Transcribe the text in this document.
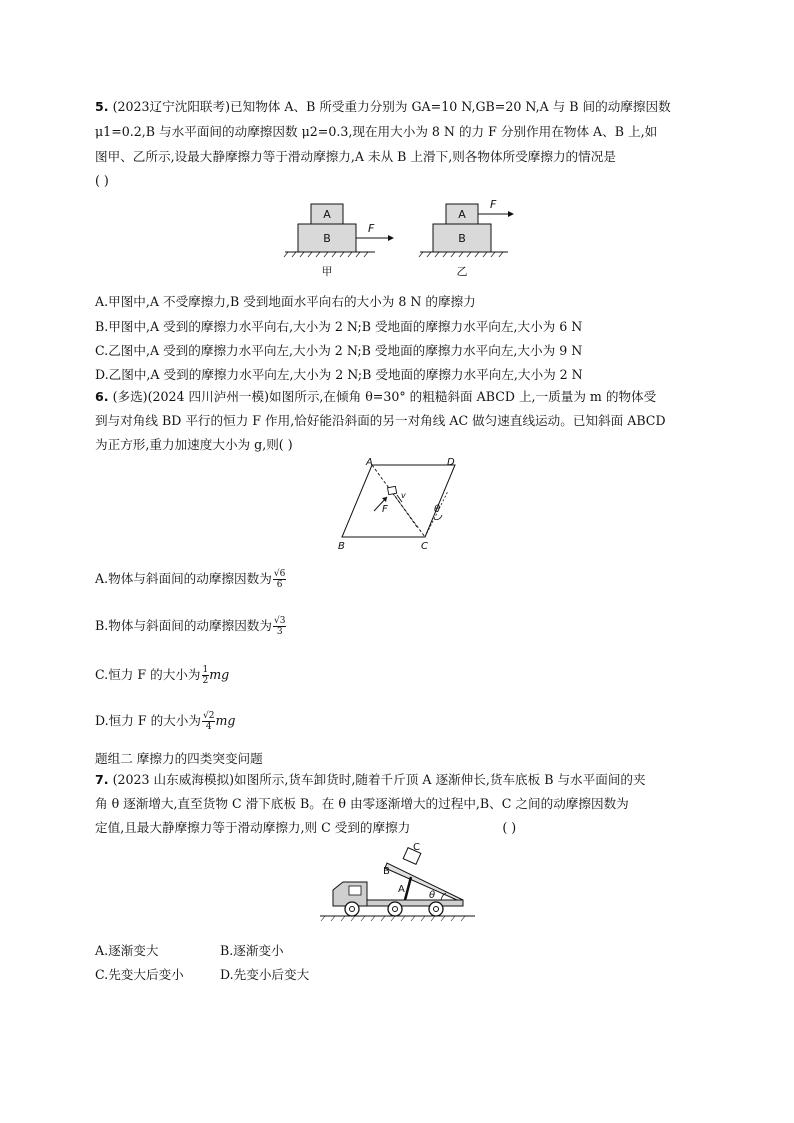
5. (2023辽宁沈阳联考)已知物体 A、B 所受重力分别为 GA=10 N,GB=20 N,A 与 B 间的动摩擦因数
μ1=0.2,B 与水平面间的动摩擦因数 μ2=0.3,现在用大小为 8 N 的力 F 分别作用在物体 A、B 上,如
图甲、乙所示,设最大静摩擦力等于滑动摩擦力,A 未从 B 上滑下,则各物体所受摩擦力的情况是
( )
A
B
F
甲
A
B
F
乙
A.甲图中,A 不受摩擦力,B 受到地面水平向右的大小为 8 N 的摩擦力
B.甲图中,A 受到的摩擦力水平向右,大小为 2 N;B 受地面的摩擦力水平向左,大小为 6 N
C.乙图中,A 受到的摩擦力水平向左,大小为 2 N;B 受地面的摩擦力水平向左,大小为 9 N
D.乙图中,A 受到的摩擦力水平向左,大小为 2 N;B 受地面的摩擦力水平向左,大小为 2 N
6. (多选)(2024 四川泸州一模)如图所示,在倾角 θ=30° 的粗糙斜面 ABCD 上,一质量为 m 的物体受
到与对角线 BD 平行的恒力 F 作用,恰好能沿斜面的另一对角线 AC 做匀速直线运动。已知斜面 ABCD
为正方形,重力加速度大小为 g,则( )
θ
F
v
A	D
B	C
A.物体与斜面间的动摩擦因数为 $\frac{√6}{6}$
B.物体与斜面间的动摩擦因数为 $\frac{√3}{3}$
C.恒力 F 的大小为 $\frac{1}{2}$ mg
D.恒力 F 的大小为 $\frac{√2}{4}$ mg
题组二 摩擦力的四类突变问题
7. (2023 山东威海模拟)如图所示,货车卸货时,随着千斤顶 A 逐渐伸长,货车底板 B 与水平面间的夹
角 θ 逐渐增大,直至货物 C 滑下底板 B。在 θ 由零逐渐增大的过程中,B、C 之间的动摩擦因数为
定值,且最大静摩擦力等于滑动摩擦力,则 C 受到的摩擦力	( )
θ
B
A
C
A.逐渐变大	B.逐渐变小
C.先变大后变小	D.先变小后变大
